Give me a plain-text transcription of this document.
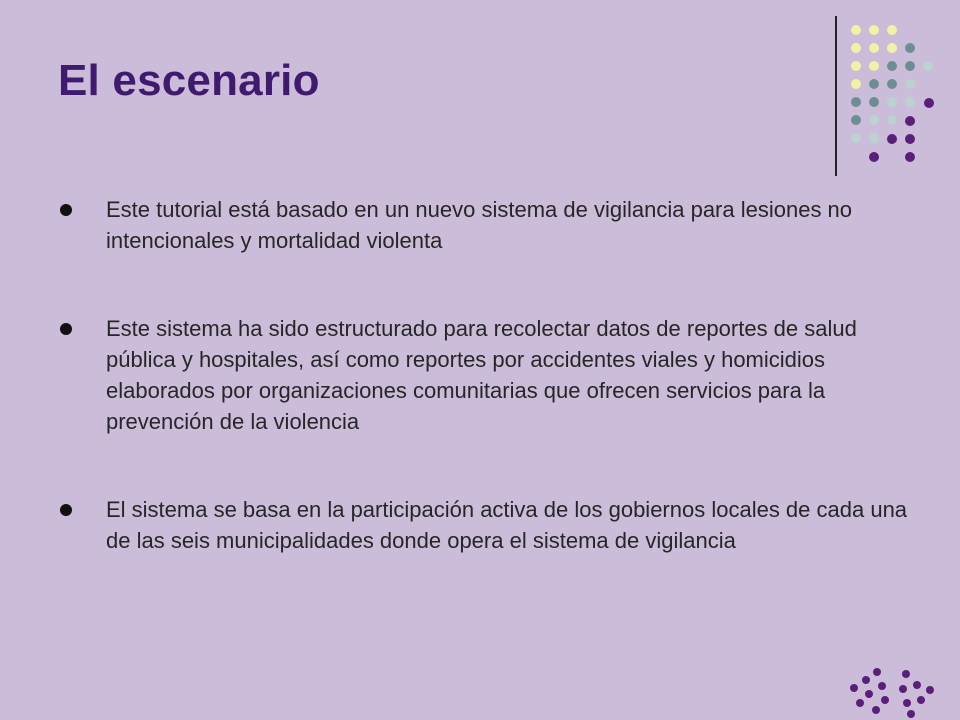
El escenario
Este tutorial está basado en un nuevo sistema de vigilancia para lesiones no intencionales y mortalidad violenta
Este sistema ha sido estructurado para recolectar datos de reportes de salud pública y hospitales, así como reportes por accidentes viales y homicidios elaborados por organizaciones comunitarias que ofrecen servicios para la prevención de la violencia
El sistema se basa en la participación activa de los gobiernos locales de cada una de las seis municipalidades donde opera el sistema de vigilancia
